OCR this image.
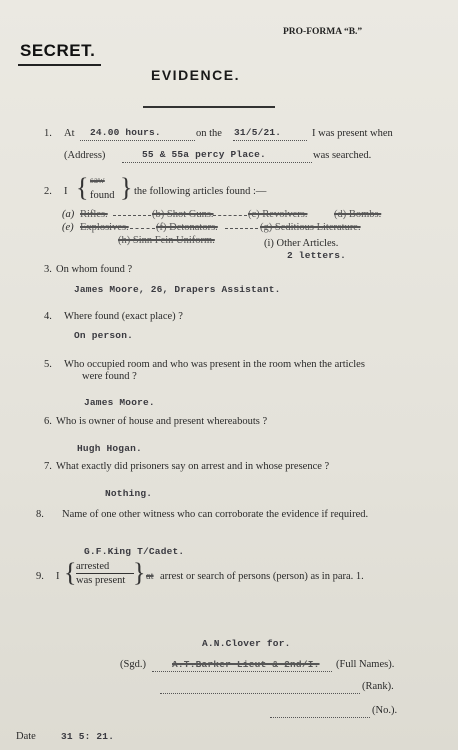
PRO-FORMA “B.”
SECRET.
EVIDENCE.
1. At 24.00 hours.	on the 31/5/21.	I was present when
(Address)	55 & 55a percy Place.	was searched.
2. I { saw
found } the following articles found :—
(a) Rifles.	(b) Shot Guns.	(c) Revolvers.	(d) Bombs.
(e) Explosives.	(f) Detonators.	(g) Seditious Literature.
(h) Sinn Fein Uniform.	(i) Other Articles.
2 letters.
3. On whom found ?
James Moore, 26, Drapers Assistant.
4. Where found (exact place) ?
On person.
5. Who occupied room and who was present in the room when the articles
were found ?
James Moore.
6. Who is owner of house and present whereabouts ?
Hugh Hogan.
7. What exactly did prisoners say on arrest and in whose presence ?
Nothing.
8. Name of one other witness who can corroborate the evidence if required.
G.F.King T/Cadet.
9. I { arrested
was present } at arrest or search of persons (person) as in para. 1.
A.N.Clover for.
(Sgd.)	A.T.Barker Lieut & 2nd/I. (Full Names).
(Rank).
(No.).
Date	31 5: 21.
